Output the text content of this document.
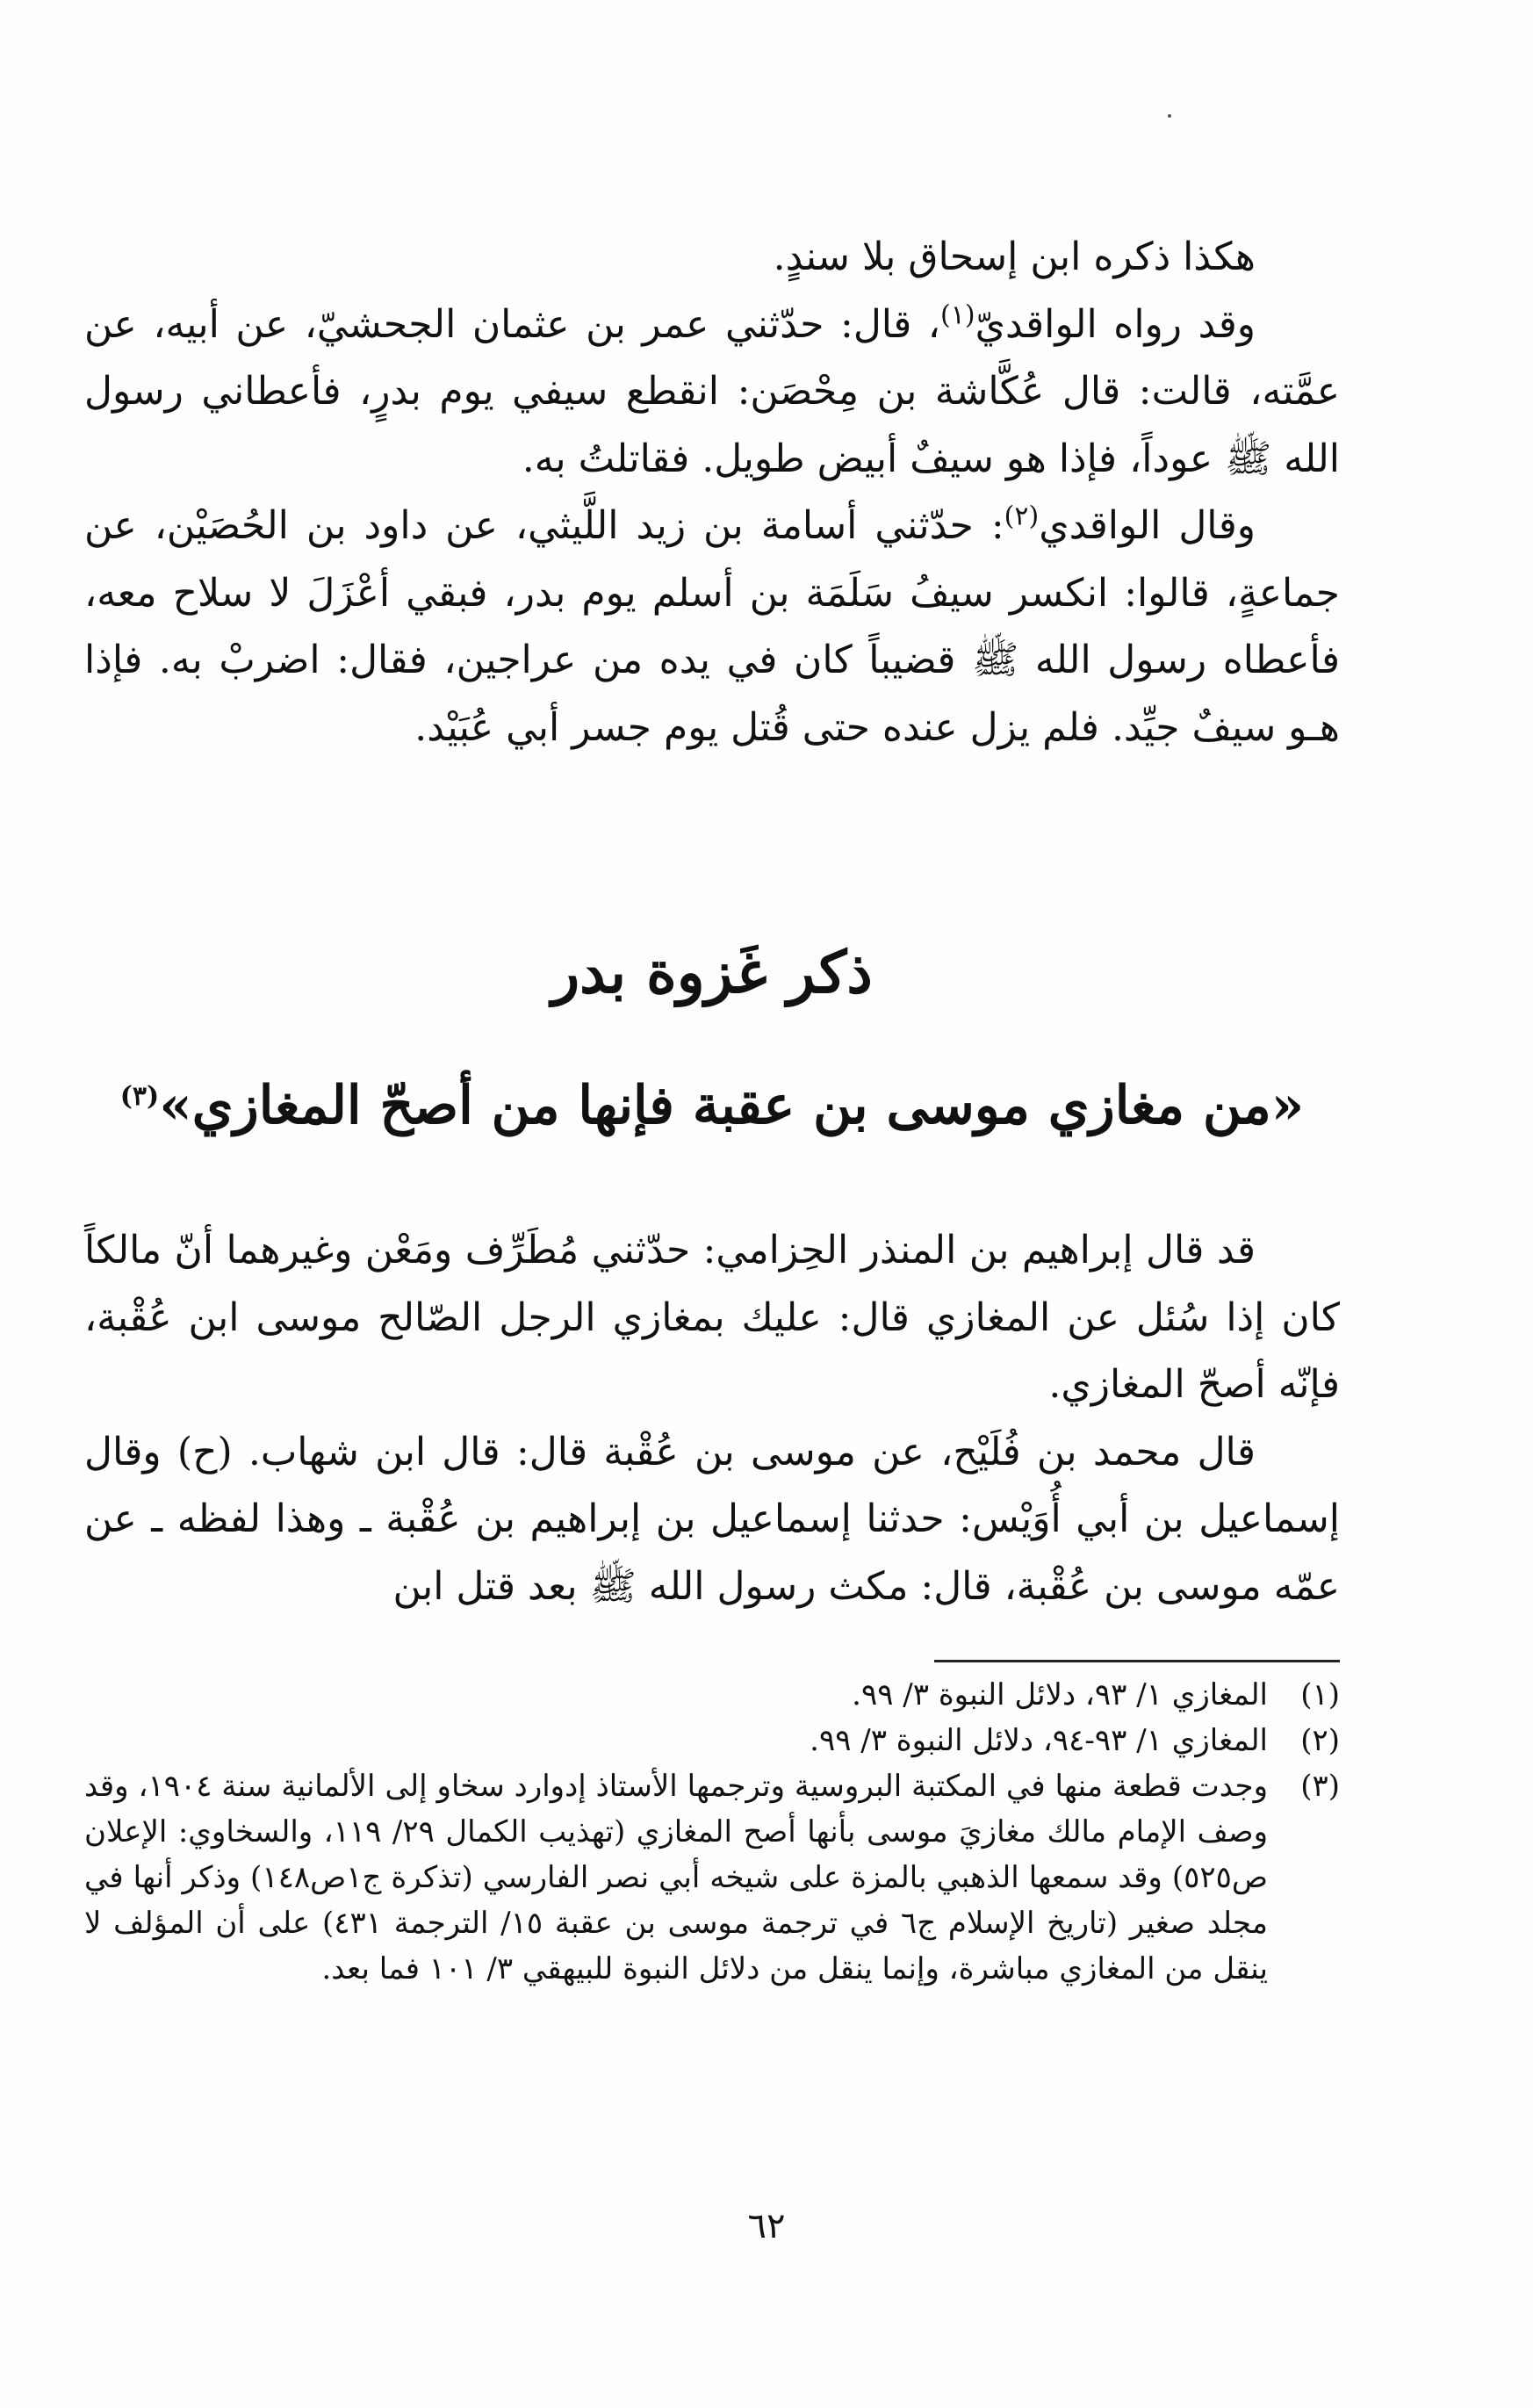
هكذا ذكره ابن إسحاق بلا سندٍ.

وقد رواه الواقديّ$^{(١)}$، قال: حدّثني عمر بن عثمان الجحشيّ، عن أبيه، عن عمَّته، قالت: قال عُكَّاشة بن مِحْصَن: انقطع سيفي يوم بدرٍ، فأعطاني رسول الله ﷺ عوداً، فإذا هو سيفٌ أبيض طويل. فقاتلتُ به.

وقال الواقدي$^{(٢)}$: حدّثني أسامة بن زيد اللَّيثي، عن داود بن الحُصَيْن، عن جماعةٍ، قالوا: انكسر سيفُ سَلَمَة بن أسلم يوم بدر، فبقي أعْزَلَ لا سلاح معه، فأعطاه رسول الله ﷺ قضيباً كان في يده من عراجين، فقال: اضربْ به. فإذا هـو سيفٌ جيِّد. فلم يزل عنده حتى قُتل يوم جسر أبي عُبَيْد.

ذكر غَزوة بدر
«من مغازي موسى بن عقبة فإنها من أصحّ المغازي»$^{(٣)}$

قد قال إبراهيم بن المنذر الحِزامي: حدّثني مُطَرِّف ومَعْن وغيرهما أنّ مالكاً كان إذا سُئل عن المغازي قال: عليك بمغازي الرجل الصّالح موسى ابن عُقْبة، فإنّه أصحّ المغازي.

قال محمد بن فُلَيْح، عن موسى بن عُقْبة قال: قال ابن شهاب. (ح) وقال إسماعيل بن أبي أُوَيْس: حدثنا إسماعيل بن إبراهيم بن عُقْبة ـ وهذا لفظه ـ عن عمّه موسى بن عُقْبة، قال: مكث رسول الله ﷺ بعد قتل ابن

(١)
المغازي ١/ ٩٣، دلائل النبوة ٣/ ٩٩.
(٢)
المغازي ١/ ٩٣-٩٤، دلائل النبوة ٣/ ٩٩.
(٣)
وجدت قطعة منها في المكتبة البروسية وترجمها الأستاذ إدوارد سخاو إلى الألمانية سنة ١٩٠٤، وقد وصف الإمام مالك مغازيَ موسى بأنها أصح المغازي (تهذيب الكمال ٢٩/ ١١٩، والسخاوي: الإعلان ص٥٢٥) وقد سمعها الذهبي بالمزة على شيخه أبي نصر الفارسي (تذكرة ج١ص١٤٨) وذكر أنها في مجلد صغير (تاريخ الإسلام ج٦ في ترجمة موسى بن عقبة ١٥/ الترجمة ٤٣١) على أن المؤلف لا ينقل من المغازي مباشرة، وإنما ينقل من دلائل النبوة للبيهقي ٣/ ١٠١ فما بعد.
٦٢
